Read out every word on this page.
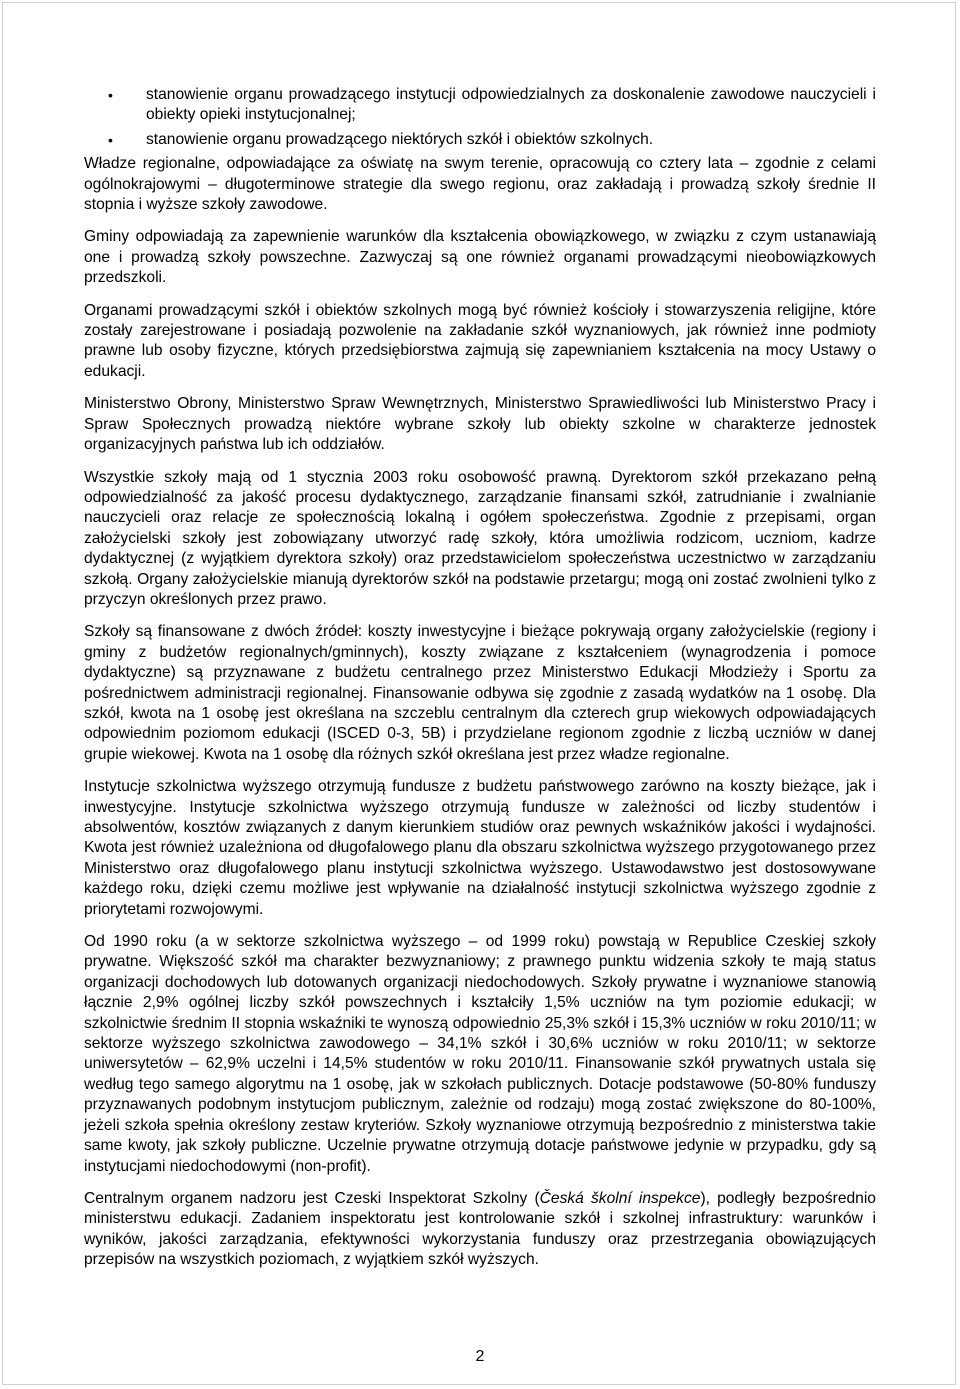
• stanowienie organu prowadzącego instytucji odpowiedzialnych za doskonalenie zawodowe nauczycieli i obiekty opieki instytucjonalnej;
• stanowienie organu prowadzącego niektórych szkół i obiektów szkolnych.

Władze regionalne, odpowiadające za oświatę na swym terenie, opracowują co cztery lata – zgodnie z celami ogólnokrajowymi – długoterminowe strategie dla swego regionu, oraz zakładają i prowadzą szkoły średnie II stopnia i wyższe szkoły zawodowe.

Gminy odpowiadają za zapewnienie warunków dla kształcenia obowiązkowego, w związku z czym ustanawiają one i prowadzą szkoły powszechne. Zazwyczaj są one również organami prowadzącymi nieobowiązkowych przedszkoli.

Organami prowadzącymi szkół i obiektów szkolnych mogą być również kościoły i stowarzyszenia religijne, które zostały zarejestrowane i posiadają pozwolenie na zakładanie szkół wyznaniowych, jak również inne podmioty prawne lub osoby fizyczne, których przedsiębiorstwa zajmują się zapewnianiem kształcenia na mocy Ustawy o edukacji.

Ministerstwo Obrony, Ministerstwo Spraw Wewnętrznych, Ministerstwo Sprawiedliwości lub Ministerstwo Pracy i Spraw Społecznych prowadzą niektóre wybrane szkoły lub obiekty szkolne w charakterze jednostek organizacyjnych państwa lub ich oddziałów.

Wszystkie szkoły mają od 1 stycznia 2003 roku osobowość prawną. Dyrektorom szkół przekazano pełną odpowiedzialność za jakość procesu dydaktycznego, zarządzanie finansami szkół, zatrudnianie i zwalnianie nauczycieli oraz relacje ze społecznością lokalną i ogółem społeczeństwa. Zgodnie z przepisami, organ założycielski szkoły jest zobowiązany utworzyć radę szkoły, która umożliwia rodzicom, uczniom, kadrze dydaktycznej (z wyjątkiem dyrektora szkoły) oraz przedstawicielom społeczeństwa uczestnictwo w zarządzaniu szkołą. Organy założycielskie mianują dyrektorów szkół na podstawie przetargu; mogą oni zostać zwolnieni tylko z przyczyn określonych przez prawo.

Szkoły są finansowane z dwóch źródeł: koszty inwestycyjne i bieżące pokrywają organy założycielskie (regiony i gminy z budżetów regionalnych/gminnych), koszty związane z kształceniem (wynagrodzenia i pomoce dydaktyczne) są przyznawane z budżetu centralnego przez Ministerstwo Edukacji Młodzieży i Sportu za pośrednictwem administracji regionalnej. Finansowanie odbywa się zgodnie z zasadą wydatków na 1 osobę. Dla szkół, kwota na 1 osobę jest określana na szczeblu centralnym dla czterech grup wiekowych odpowiadających odpowiednim poziomom edukacji (ISCED 0-3, 5B) i przydzielane regionom zgodnie z liczbą uczniów w danej grupie wiekowej. Kwota na 1 osobę dla różnych szkół określana jest przez władze regionalne.

Instytucje szkolnictwa wyższego otrzymują fundusze z budżetu państwowego zarówno na koszty bieżące, jak i inwestycyjne. Instytucje szkolnictwa wyższego otrzymują fundusze w zależności od liczby studentów i absolwentów, kosztów związanych z danym kierunkiem studiów oraz pewnych wskaźników jakości i wydajności. Kwota jest również uzależniona od długofalowego planu dla obszaru szkolnictwa wyższego przygotowanego przez Ministerstwo oraz długofalowego planu instytucji szkolnictwa wyższego. Ustawodawstwo jest dostosowywane każdego roku, dzięki czemu możliwe jest wpływanie na działalność instytucji szkolnictwa wyższego zgodnie z priorytetami rozwojowymi.

Od 1990 roku (a w sektorze szkolnictwa wyższego – od 1999 roku) powstają w Republice Czeskiej szkoły prywatne. Większość szkół ma charakter bezwyznaniowy; z prawnego punktu widzenia szkoły te mają status organizacji dochodowych lub dotowanych organizacji niedochodowych. Szkoły prywatne i wyznaniowe stanowią łącznie 2,9% ogólnej liczby szkół powszechnych i kształciły 1,5% uczniów na tym poziomie edukacji; w szkolnictwie średnim II stopnia wskaźniki te wynoszą odpowiednio 25,3% szkół i 15,3% uczniów w roku 2010/11; w sektorze wyższego szkolnictwa zawodowego – 34,1% szkół i 30,6% uczniów w roku 2010/11; w sektorze uniwersytetów – 62,9% uczelni i 14,5% studentów w roku 2010/11. Finansowanie szkół prywatnych ustala się według tego samego algorytmu na 1 osobę, jak w szkołach publicznych. Dotacje podstawowe (50-80% funduszy przyznawanych podobnym instytucjom publicznym, zależnie od rodzaju) mogą zostać zwiększone do 80-100%, jeżeli szkoła spełnia określony zestaw kryteriów. Szkoły wyznaniowe otrzymują bezpośrednio z ministerstwa takie same kwoty, jak szkoły publiczne. Uczelnie prywatne otrzymują dotacje państwowe jedynie w przypadku, gdy są instytucjami niedochodowymi (non-profit).

Centralnym organem nadzoru jest Czeski Inspektorat Szkolny (Česká školní inspekce), podległy bezpośrednio ministerstwu edukacji. Zadaniem inspektoratu jest kontrolowanie szkół i szkolnej infrastruktury: warunków i wyników, jakości zarządzania, efektywności wykorzystania funduszy oraz przestrzegania obowiązujących przepisów na wszystkich poziomach, z wyjątkiem szkół wyższych.

2
